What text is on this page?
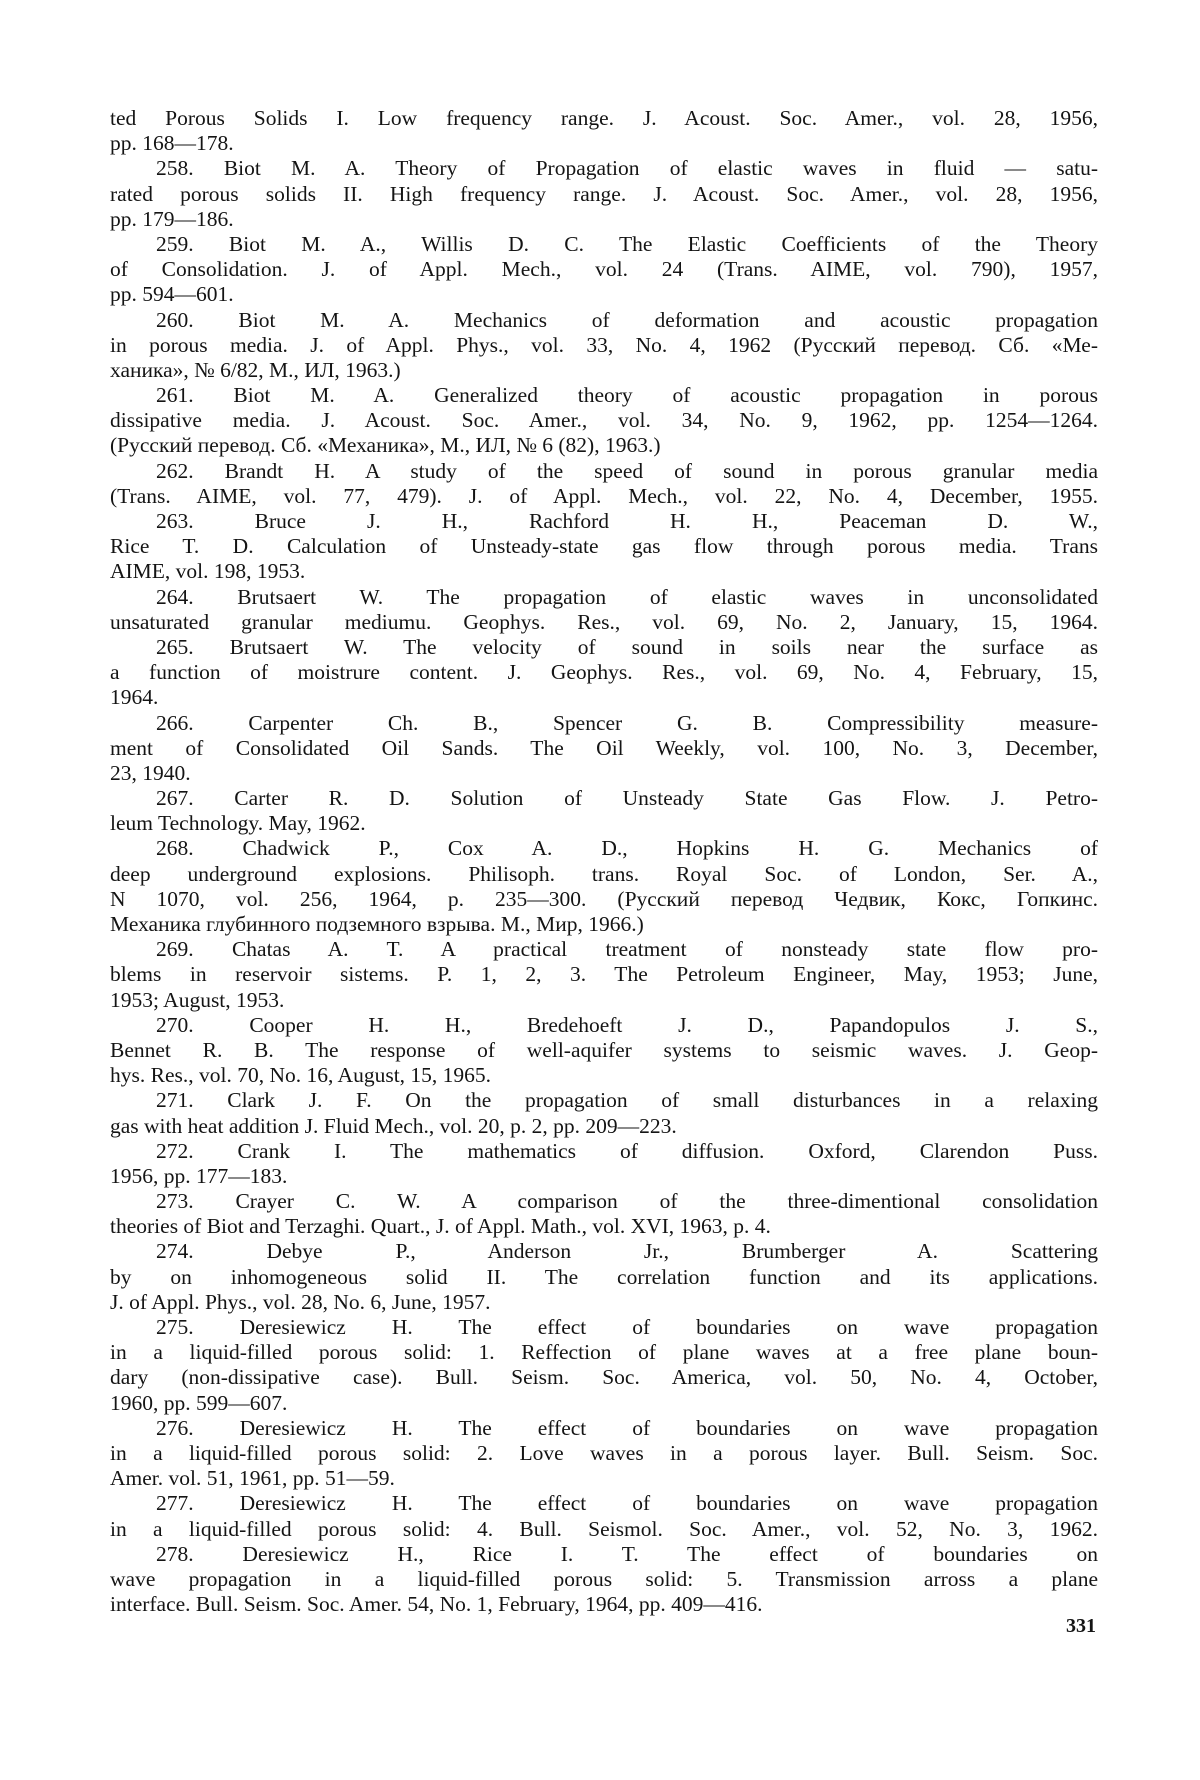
ted Porous Solids I. Low frequency range. J. Acoust. Soc. Amer., vol. 28, 1956,
pp. 168—178.
258. Biot M. A. Theory of Propagation of elastic waves in fluid — satu-
rated porous solids II. High frequency range. J. Acoust. Soc. Amer., vol. 28, 1956,
pp. 179—186.
259. Biot M. A., Willis D. C. The Elastic Coefficients of the Theory
of Consolidation. J. of Appl. Mech., vol. 24 (Trans. AIME, vol. 790), 1957,
pp. 594—601.
260. Biot M. A. Mechanics of deformation and acoustic propagation
in porous media. J. of Appl. Phys., vol. 33, No. 4, 1962 (Русский перевод. Сб. «Ме-
ханика», № 6/82, М., ИЛ, 1963.)
261. Biot M. A. Generalized theory of acoustic propagation in porous
dissipative media. J. Acoust. Soc. Amer., vol. 34, No. 9, 1962, pp. 1254—1264.
(Русский перевод. Сб. «Механика», М., ИЛ, № 6 (82), 1963.)
262. Brandt H. A study of the speed of sound in porous granular media
(Trans. AIME, vol. 77, 479). J. of Appl. Mech., vol. 22, No. 4, December, 1955.
263. Bruce J. H., Rachford H. H., Peaceman D. W.,
Rice T. D. Calculation of Unsteady-state gas flow through porous media. Trans
AIME, vol. 198, 1953.
264. Brutsaert W. The propagation of elastic waves in unconsolidated
unsaturated granular mediumu. Geophys. Res., vol. 69, No. 2, January, 15, 1964.
265. Brutsaert W. The velocity of sound in soils near the surface as
a function of moistrure content. J. Geophys. Res., vol. 69, No. 4, February, 15,
1964.
266. Carpenter Ch. B., Spencer G. B. Compressibility measure-
ment of Consolidated Oil Sands. The Oil Weekly, vol. 100, No. 3, December,
23, 1940.
267. Carter R. D. Solution of Unsteady State Gas Flow. J. Petro-
leum Technology. May, 1962.
268. Chadwick P., Cox A. D., Hopkins H. G. Mechanics of
deep underground explosions. Philisoph. trans. Royal Soc. of London, Ser. A.,
N 1070, vol. 256, 1964, p. 235—300. (Русский перевод Чедвик, Кокс, Гопкинс.
Механика глубинного подземного взрыва. М., Мир, 1966.)
269. Chatas A. T. A practical treatment of nonsteady state flow pro-
blems in reservoir sistems. P. 1, 2, 3. The Petroleum Engineer, May, 1953; June,
1953; August, 1953.
270. Cooper H. H., Bredehoeft J. D., Papandopulos J. S.,
Bennet R. B. The response of well-aquifer systems to seismic waves. J. Geop-
hys. Res., vol. 70, No. 16, August, 15, 1965.
271. Clark J. F. On the propagation of small disturbances in a relaxing
gas with heat addition J. Fluid Mech., vol. 20, p. 2, pp. 209—223.
272. Crank I. The mathematics of diffusion. Oxford, Clarendon Puss.
1956, pp. 177—183.
273. Crayer C. W. A comparison of the three-dimentional consolidation
theories of Biot and Terzaghi. Quart., J. of Appl. Math., vol. XVI, 1963, p. 4.
274. Debye P., Anderson Jr., Brumberger A. Scattering
by on inhomogeneous solid II. The correlation function and its applications.
J. of Appl. Phys., vol. 28, No. 6, June, 1957.
275. Deresiewicz H. The effect of boundaries on wave propagation
in a liquid-filled porous solid: 1. Reffection of plane waves at a free plane boun-
dary (non-dissipative case). Bull. Seism. Soc. America, vol. 50, No. 4, October,
1960, pp. 599—607.
276. Deresiewicz H. The effect of boundaries on wave propagation
in a liquid-filled porous solid: 2. Love waves in a porous layer. Bull. Seism. Soc.
Amer. vol. 51, 1961, pp. 51—59.
277. Deresiewicz H. The effect of boundaries on wave propagation
in a liquid-filled porous solid: 4. Bull. Seismol. Soc. Amer., vol. 52, No. 3, 1962.
278. Deresiewicz H., Rice I. T. The effect of boundaries on
wave propagation in a liquid-filled porous solid: 5. Transmission arross a plane
interface. Bull. Seism. Soc. Amer. 54, No. 1, February, 1964, pp. 409—416.
331
